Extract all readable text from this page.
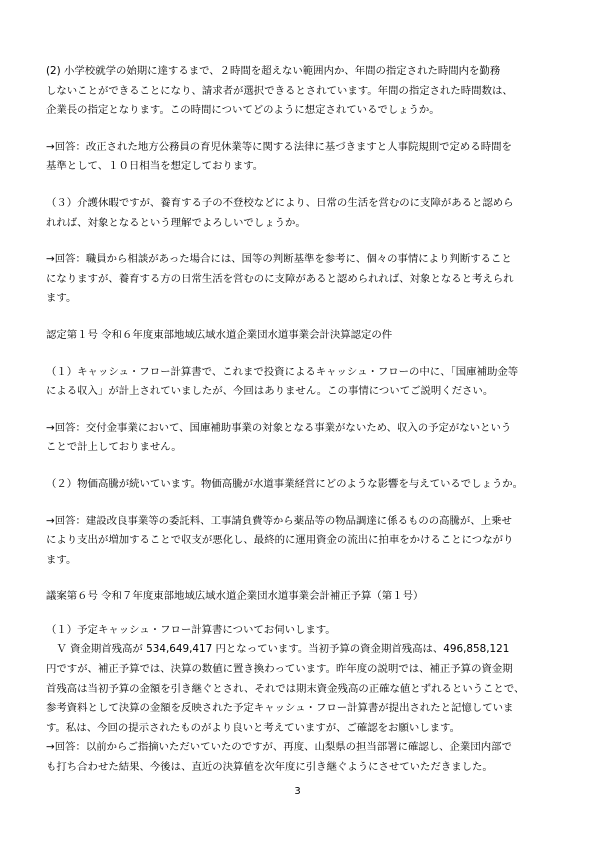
(2) 小学校就学の始期に達するまで、２時間を超えない範囲内か、年間の指定された時間内を勤務
しないことができることになり、請求者が選択できるとされています。年間の指定された時間数は、
企業長の指定となります。この時間についてどのように想定されているでしょうか。
→回答：改正された地方公務員の育児休業等に関する法律に基づきますと人事院規則で定める時間を
基準として、１０日相当を想定しております。
（３）介護休暇ですが、養育する子の不登校などにより、日常の生活を営むのに支障があると認めら
れれば、対象となるという理解でよろしいでしょうか。
→回答：職員から相談があった場合には、国等の判断基準を参考に、個々の事情により判断すること
になりますが、養育する方の日常生活を営むのに支障があると認められれば、対象となると考えられ
ます。
認定第１号 令和６年度東部地域広域水道企業団水道事業会計決算認定の件
（１）キャッシュ・フロー計算書で、これまで投資によるキャッシュ・フローの中に、「国庫補助金等
による収入」が計上されていましたが、今回はありません。この事情についてご説明ください。
→回答：交付金事業において、国庫補助事業の対象となる事業がないため、収入の予定がないという
ことで計上しておりません。
（２）物価高騰が続いています。物価高騰が水道事業経営にどのような影響を与えているでしょうか。
→回答：建設改良事業等の委託料、工事請負費等から薬品等の物品調達に係るものの高騰が、上乗せ
により支出が増加することで収支が悪化し、最終的に運用資金の流出に拍車をかけることにつながり
ます。
議案第６号 令和７年度東部地域広域水道企業団水道事業会計補正予算（第１号）
（１）予定キャッシュ・フロー計算書についてお伺いします。
　Ｖ 資金期首残高が 534,649,417 円となっています。当初予算の資金期首残高は、496,858,121
円ですが、補正予算では、決算の数値に置き換わっています。昨年度の説明では、補正予算の資金期
首残高は当初予算の金額を引き継ぐとされ、それでは期末資金残高の正確な値とずれるということで、
参考資料として決算の金額を反映された予定キャッシュ・フロー計算書が提出されたと記憶していま
す。私は、今回の提示されたものがより良いと考えていますが、ご確認をお願いします。
→回答：以前からご指摘いただいていたのですが、再度、山梨県の担当部署に確認し、企業団内部で
も打ち合わせた結果、今後は、直近の決算値を次年度に引き継ぐようにさせていただきました。
3
